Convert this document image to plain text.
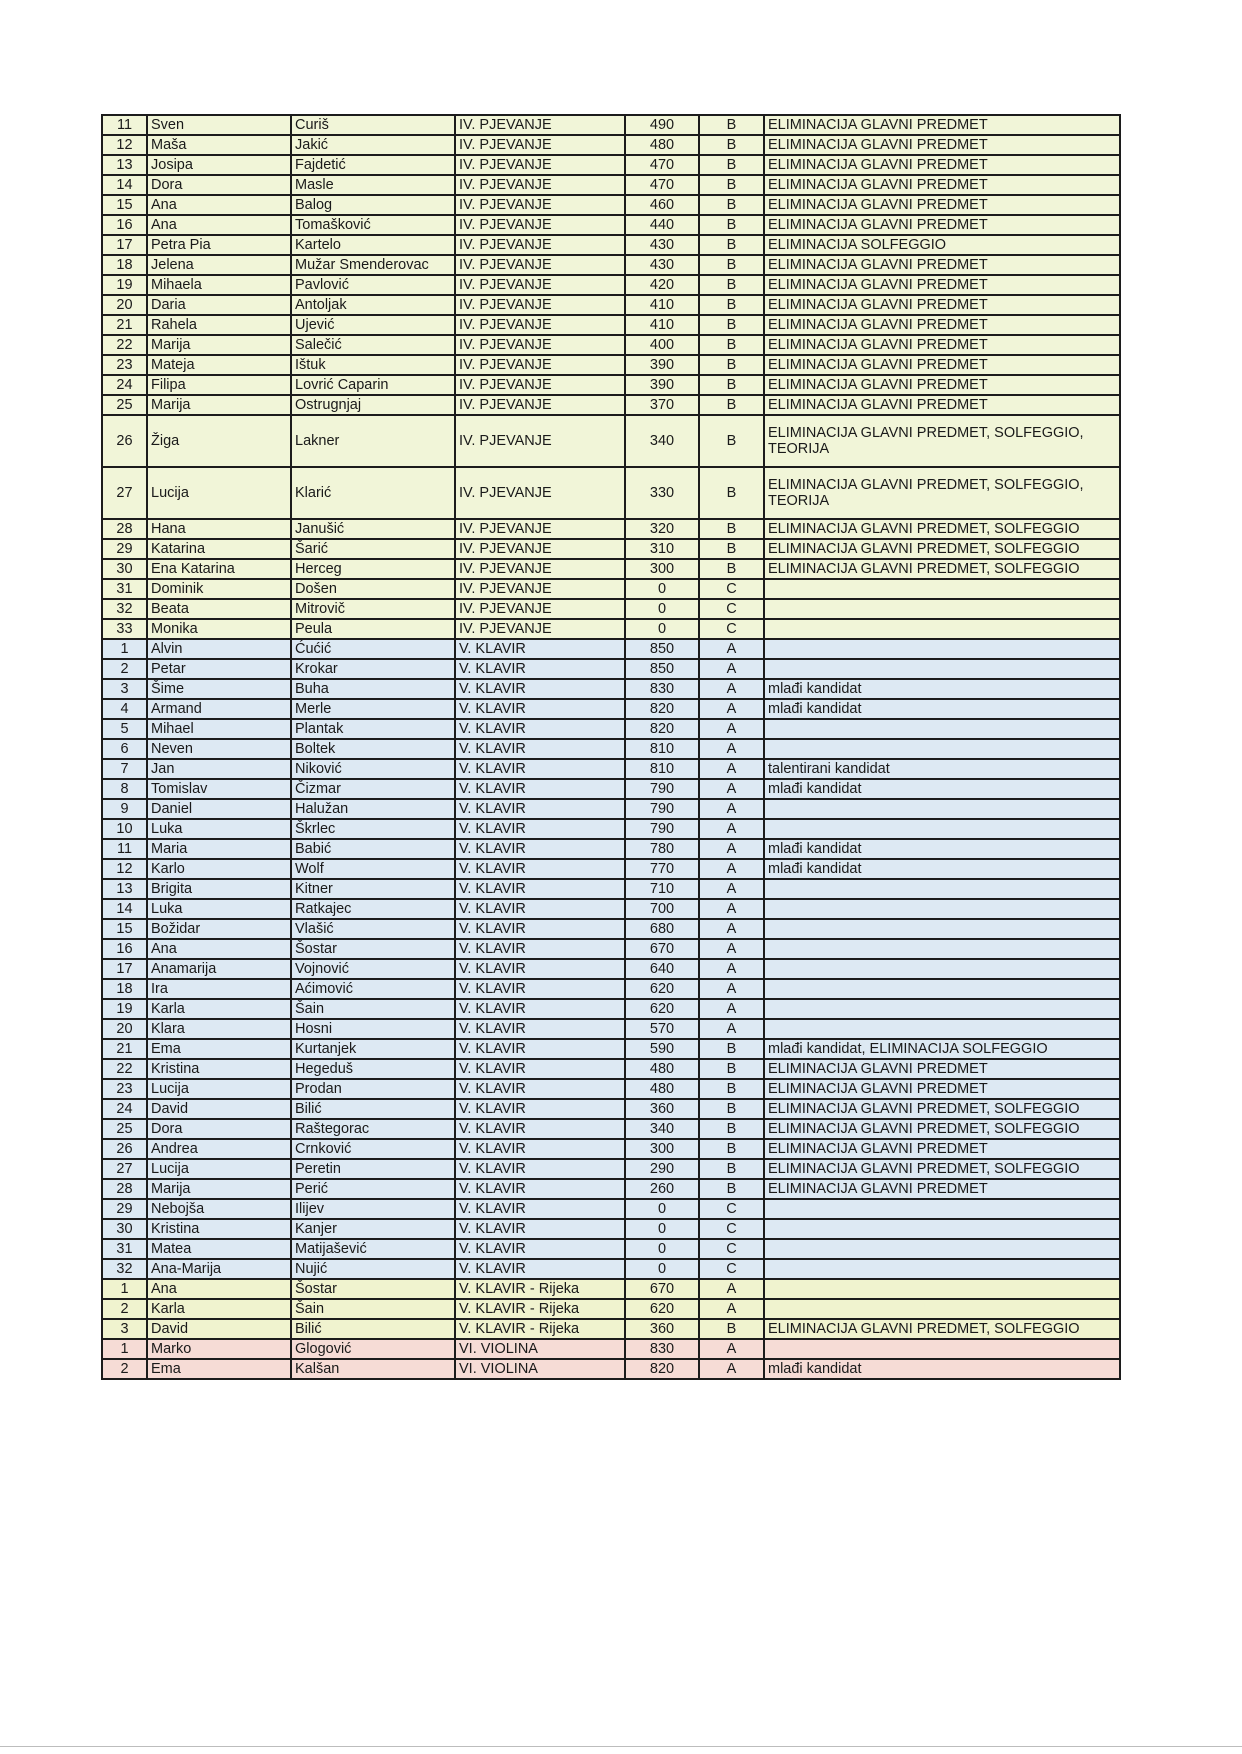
11	Sven	Curiš	IV. PJEVANJE	490	B	ELIMINACIJA GLAVNI PREDMET
12	Maša	Jakić	IV. PJEVANJE	480	B	ELIMINACIJA GLAVNI PREDMET
13	Josipa	Fajdetić	IV. PJEVANJE	470	B	ELIMINACIJA GLAVNI PREDMET
14	Dora	Masle	IV. PJEVANJE	470	B	ELIMINACIJA GLAVNI PREDMET
15	Ana	Balog	IV. PJEVANJE	460	B	ELIMINACIJA GLAVNI PREDMET
16	Ana	Tomašković	IV. PJEVANJE	440	B	ELIMINACIJA GLAVNI PREDMET
17	Petra Pia	Kartelo	IV. PJEVANJE	430	B	ELIMINACIJA SOLFEGGIO
18	Jelena	Mužar Smenderovac	IV. PJEVANJE	430	B	ELIMINACIJA GLAVNI PREDMET
19	Mihaela	Pavlović	IV. PJEVANJE	420	B	ELIMINACIJA GLAVNI PREDMET
20	Daria	Antoljak	IV. PJEVANJE	410	B	ELIMINACIJA GLAVNI PREDMET
21	Rahela	Ujević	IV. PJEVANJE	410	B	ELIMINACIJA GLAVNI PREDMET
22	Marija	Salečić	IV. PJEVANJE	400	B	ELIMINACIJA GLAVNI PREDMET
23	Mateja	Ištuk	IV. PJEVANJE	390	B	ELIMINACIJA GLAVNI PREDMET
24	Filipa	Lovrić Caparin	IV. PJEVANJE	390	B	ELIMINACIJA GLAVNI PREDMET
25	Marija	Ostrugnjaj	IV. PJEVANJE	370	B	ELIMINACIJA GLAVNI PREDMET
26	Žiga	Lakner	IV. PJEVANJE	340	B	ELIMINACIJA GLAVNI PREDMET, SOLFEGGIO, TEORIJA
27	Lucija	Klarić	IV. PJEVANJE	330	B	ELIMINACIJA GLAVNI PREDMET, SOLFEGGIO, TEORIJA
28	Hana	Janušić	IV. PJEVANJE	320	B	ELIMINACIJA GLAVNI PREDMET, SOLFEGGIO
29	Katarina	Šarić	IV. PJEVANJE	310	B	ELIMINACIJA GLAVNI PREDMET, SOLFEGGIO
30	Ena Katarina	Herceg	IV. PJEVANJE	300	B	ELIMINACIJA GLAVNI PREDMET, SOLFEGGIO
31	Dominik	Došen	IV. PJEVANJE	0	C	
32	Beata	Mitrovič	IV. PJEVANJE	0	C	
33	Monika	Peula	IV. PJEVANJE	0	C	
1	Alvin	Ćućić	V. KLAVIR	850	A	
2	Petar	Krokar	V. KLAVIR	850	A	
3	Šime	Buha	V. KLAVIR	830	A	mlađi kandidat
4	Armand	Merle	V. KLAVIR	820	A	mlađi kandidat
5	Mihael	Plantak	V. KLAVIR	820	A	
6	Neven	Boltek	V. KLAVIR	810	A	
7	Jan	Niković	V. KLAVIR	810	A	talentirani kandidat
8	Tomislav	Čizmar	V. KLAVIR	790	A	mlađi kandidat
9	Daniel	Halužan	V. KLAVIR	790	A	
10	Luka	Škrlec	V. KLAVIR	790	A	
11	Maria	Babić	V. KLAVIR	780	A	mlađi kandidat
12	Karlo	Wolf	V. KLAVIR	770	A	mlađi kandidat
13	Brigita	Kitner	V. KLAVIR	710	A	
14	Luka	Ratkajec	V. KLAVIR	700	A	
15	Božidar	Vlašić	V. KLAVIR	680	A	
16	Ana	Šostar	V. KLAVIR	670	A	
17	Anamarija	Vojnović	V. KLAVIR	640	A	
18	Ira	Aćimović	V. KLAVIR	620	A	
19	Karla	Šain	V. KLAVIR	620	A	
20	Klara	Hosni	V. KLAVIR	570	A	
21	Ema	Kurtanjek	V. KLAVIR	590	B	mlađi kandidat, ELIMINACIJA SOLFEGGIO
22	Kristina	Hegeduš	V. KLAVIR	480	B	ELIMINACIJA GLAVNI PREDMET
23	Lucija	Prodan	V. KLAVIR	480	B	ELIMINACIJA GLAVNI PREDMET
24	David	Bilić	V. KLAVIR	360	B	ELIMINACIJA GLAVNI PREDMET, SOLFEGGIO
25	Dora	Raštegorac	V. KLAVIR	340	B	ELIMINACIJA GLAVNI PREDMET, SOLFEGGIO
26	Andrea	Crnković	V. KLAVIR	300	B	ELIMINACIJA GLAVNI PREDMET
27	Lucija	Peretin	V. KLAVIR	290	B	ELIMINACIJA GLAVNI PREDMET, SOLFEGGIO
28	Marija	Perić	V. KLAVIR	260	B	ELIMINACIJA GLAVNI PREDMET
29	Nebojša	Ilijev	V. KLAVIR	0	C	
30	Kristina	Kanjer	V. KLAVIR	0	C	
31	Matea	Matijašević	V. KLAVIR	0	C	
32	Ana-Marija	Nujić	V. KLAVIR	0	C	
1	Ana	Šostar	V. KLAVIR - Rijeka	670	A	
2	Karla	Šain	V. KLAVIR - Rijeka	620	A	
3	David	Bilić	V. KLAVIR - Rijeka	360	B	ELIMINACIJA GLAVNI PREDMET, SOLFEGGIO
1	Marko	Glogović	VI. VIOLINA	830	A	
2	Ema	Kalšan	VI. VIOLINA	820	A	mlađi kandidat
